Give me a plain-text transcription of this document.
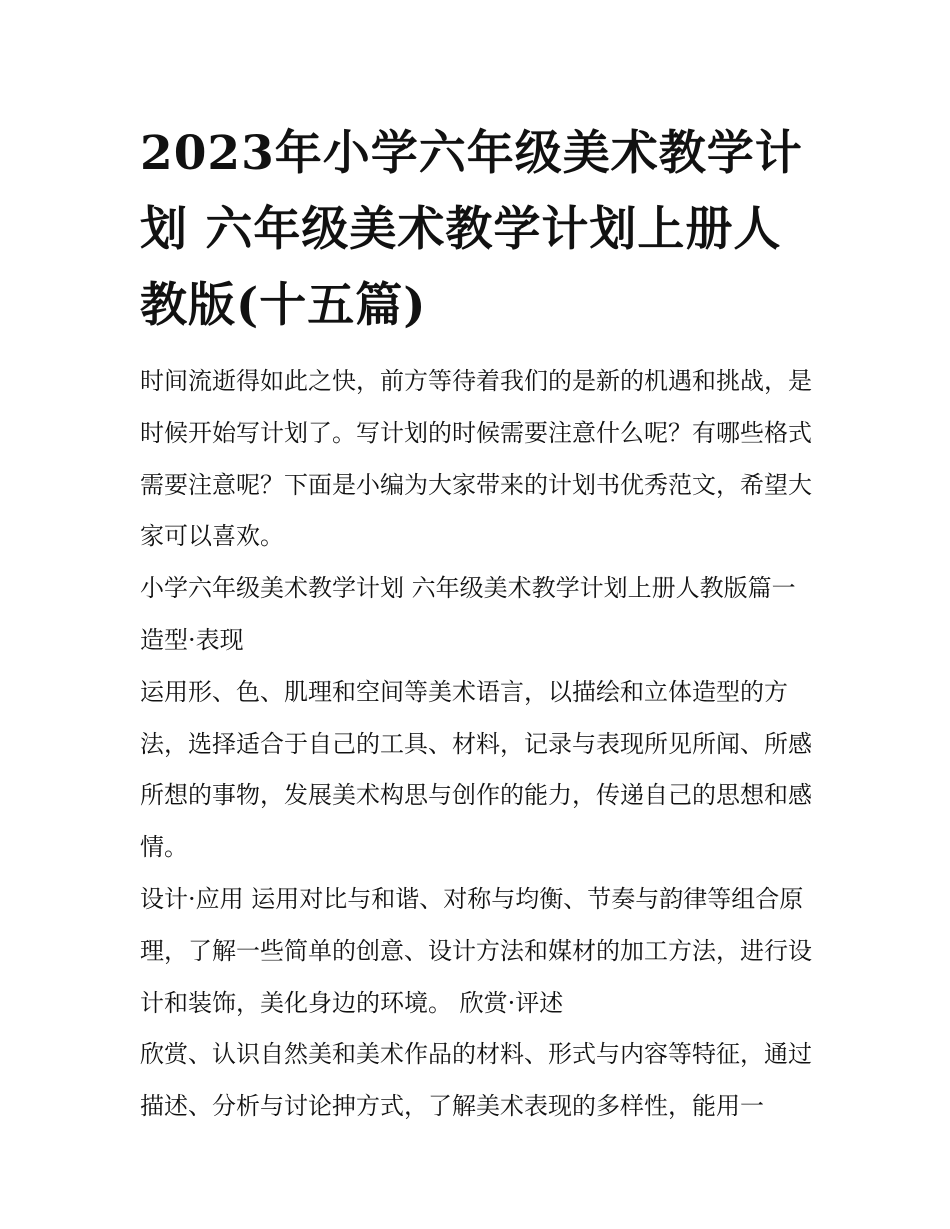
2023年小学六年级美术教学计划 六年级美术教学计划上册人教版(十五篇)

时间流逝得如此之快，前方等待着我们的是新的机遇和挑战，是时候开始写计划了。写计划的时候需要注意什么呢？有哪些格式需要注意呢？下面是小编为大家带来的计划书优秀范文，希望大家可以喜欢。

小学六年级美术教学计划 六年级美术教学计划上册人教版篇一 造型·表现

运用形、色、肌理和空间等美术语言，以描绘和立体造型的方法，选择适合于自己的工具、材料，记录与表现所见所闻、所感所想的事物，发展美术构思与创作的能力，传递自己的思想和感情。

设计·应用 运用对比与和谐、对称与均衡、节奏与韵律等组合原理，了解一些简单的创意、设计方法和媒材的加工方法，进行设计和装饰，美化身边的环境。 欣赏·评述

欣赏、认识自然美和美术作品的材料、形式与内容等特征，通过描述、分析与讨论抻方式，了解美术表现的多样性，能用一
